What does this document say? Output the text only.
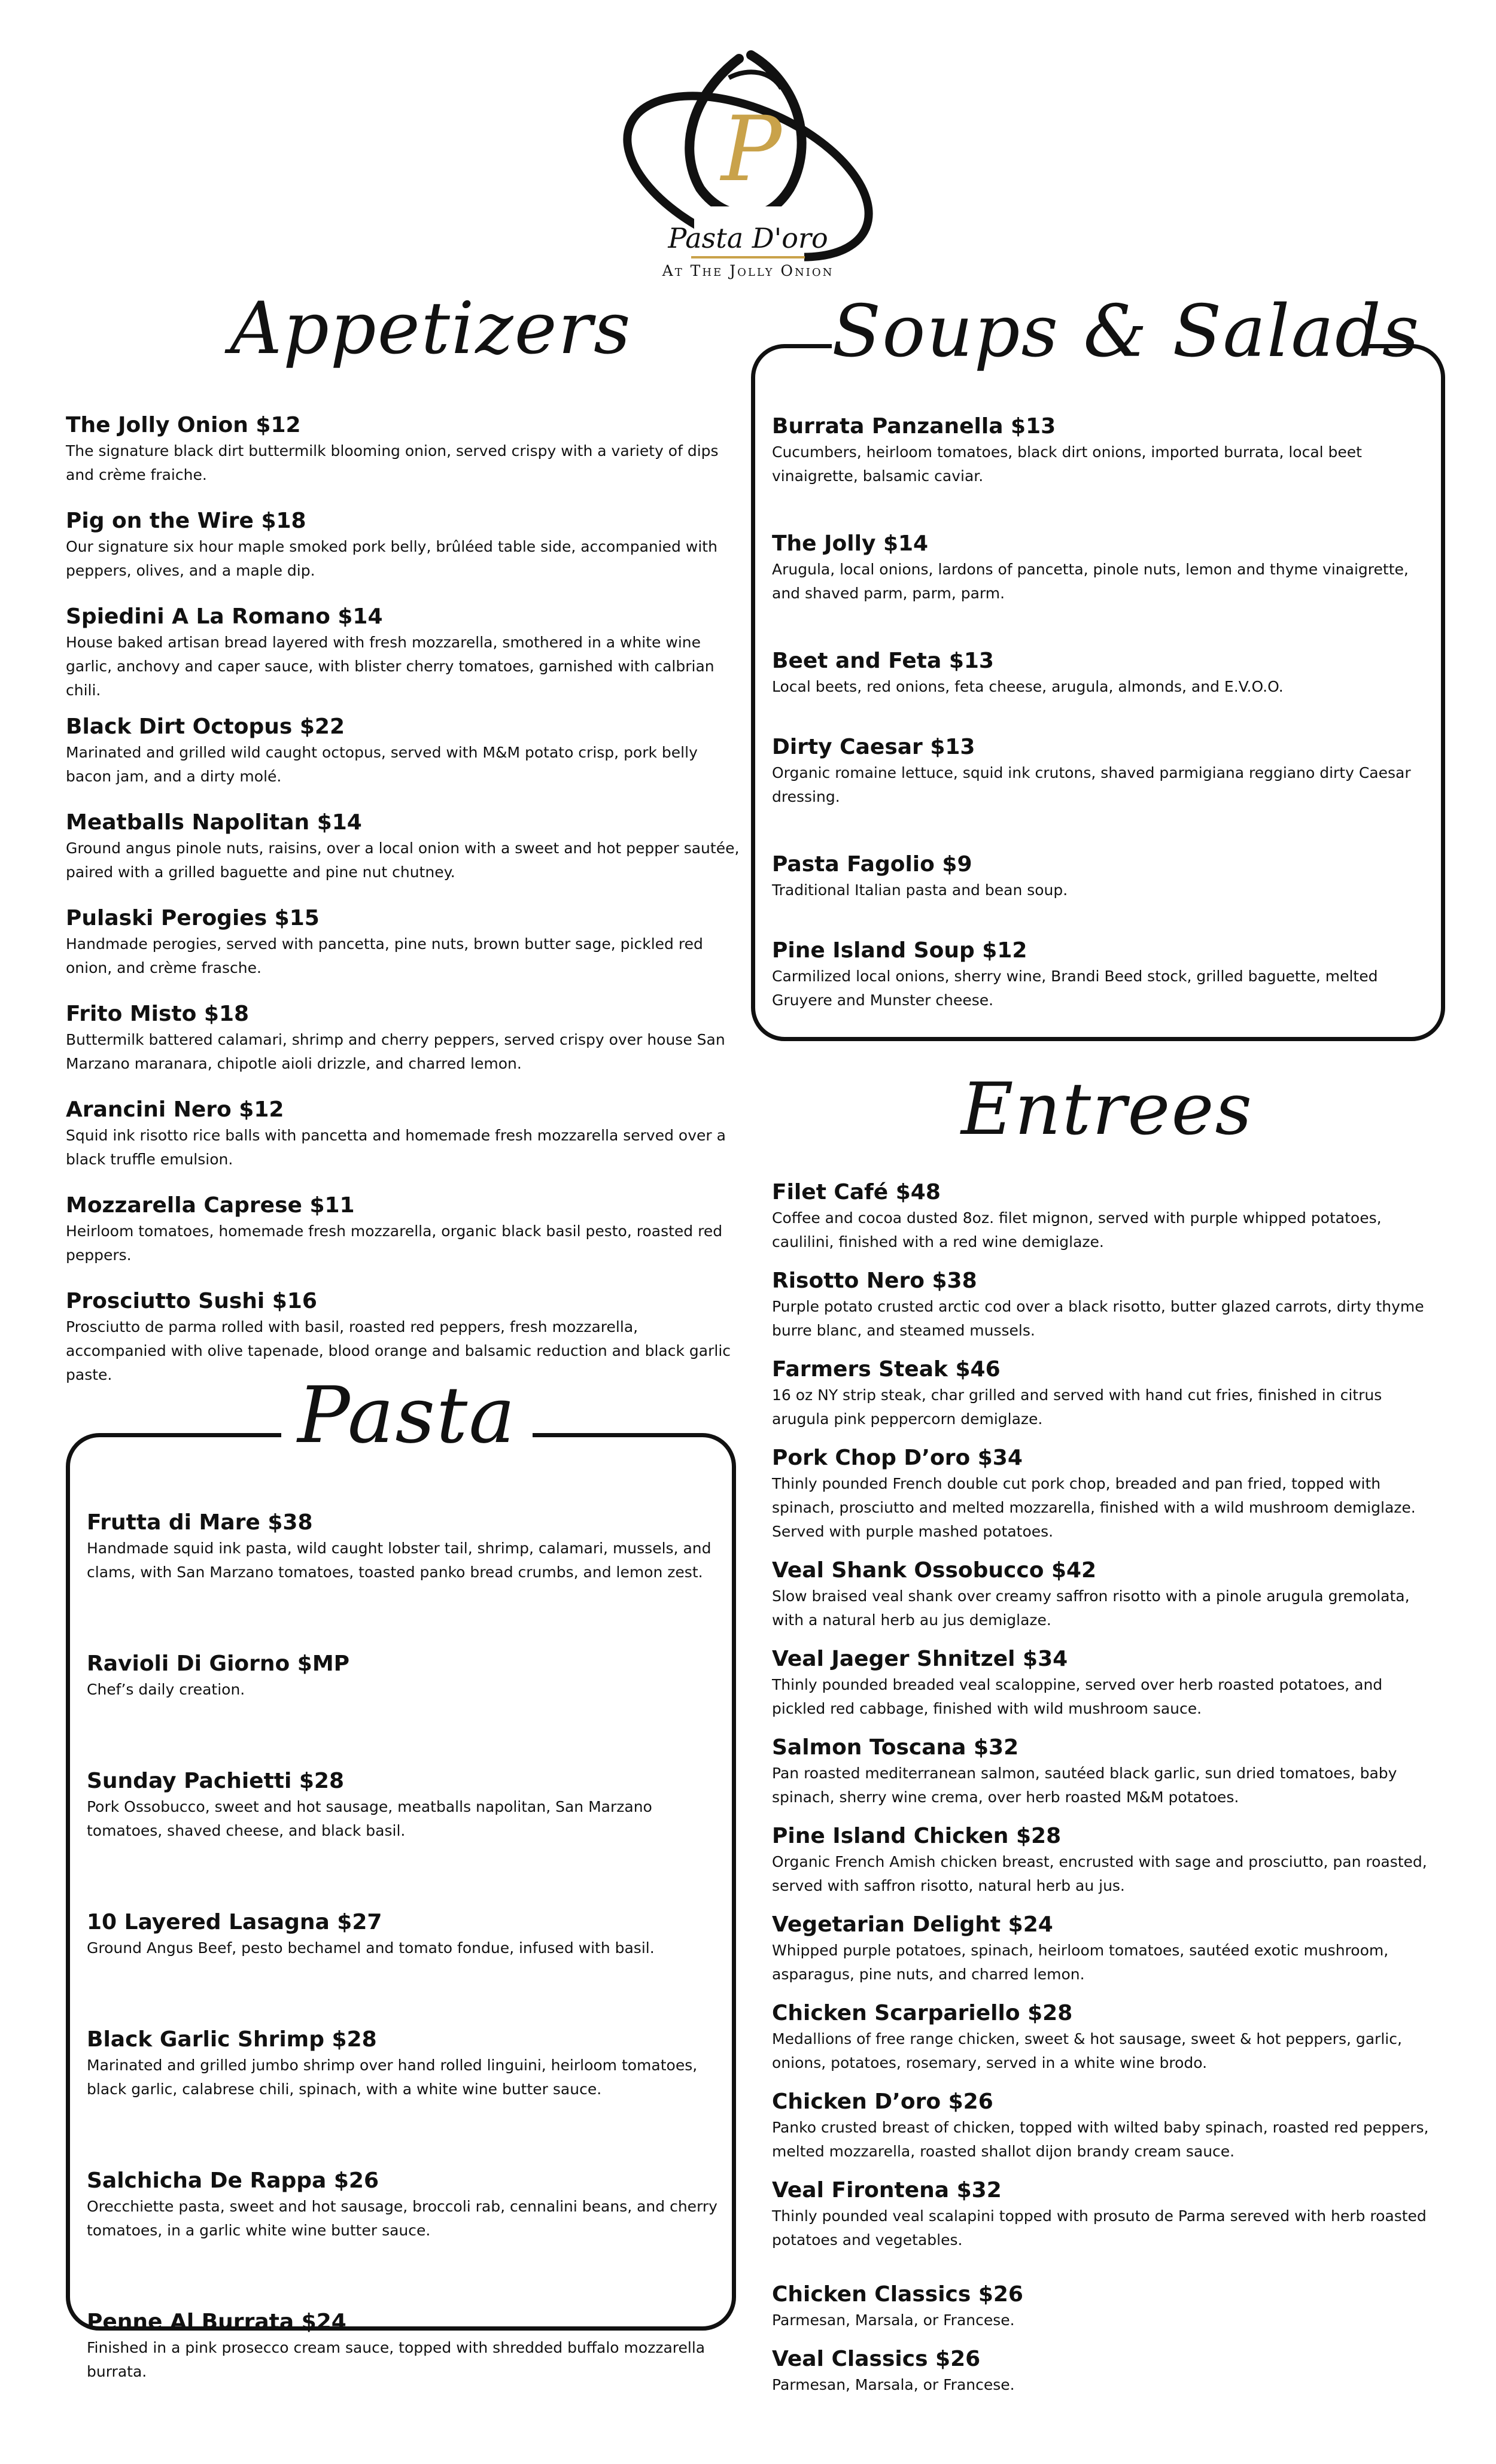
P
Pasta D'oro
At The Jolly Onion
Appetizers

The Jolly Onion $12

The signature black dirt buttermilk blooming onion, served crispy with a variety of dips and crème fraiche.

Pig on the Wire $18

Our signature six hour maple smoked pork belly, brûléed table side, accompanied with peppers, olives, and a maple dip.

Spiedini A La Romano $14

House baked artisan bread layered with fresh mozzarella, smothered in a white wine garlic, anchovy and caper sauce, with blister cherry tomatoes, garnished with calbrian chili.

Black Dirt Octopus $22

Marinated and grilled wild caught octopus, served with M&M potato crisp, pork belly bacon jam, and a dirty molé.

Meatballs Napolitan $14

Ground angus pinole nuts, raisins, over a local onion with a sweet and hot pepper sautée, paired with a grilled baguette and pine nut chutney.

Pulaski Perogies $15

Handmade perogies, served with pancetta, pine nuts, brown butter sage, pickled red onion, and crème frasche.

Frito Misto $18

Buttermilk battered calamari, shrimp and cherry peppers, served crispy over house San Marzano maranara, chipotle aioli drizzle, and charred lemon.

Arancini Nero $12

Squid ink risotto rice balls with pancetta and homemade fresh mozzarella served over a black truffle emulsion.

Mozzarella Caprese $11

Heirloom tomatoes, homemade fresh mozzarella, organic black basil pesto, roasted red peppers.

Prosciutto Sushi $16

Prosciutto de parma rolled with basil, roasted red peppers, fresh mozzarella, accompanied with olive tapenade, blood orange and balsamic reduction and black garlic paste.

Soups & Salads

Burrata Panzanella $13

Cucumbers, heirloom tomatoes, black dirt onions, imported burrata, local beet vinaigrette, balsamic caviar.

The Jolly $14

Arugula, local onions, lardons of pancetta, pinole nuts, lemon and thyme vinaigrette, and shaved parm, parm, parm.

Beet and Feta $13

Local beets, red onions, feta cheese, arugula, almonds, and E.V.O.O.

Dirty Caesar $13

Organic romaine lettuce, squid ink crutons, shaved parmigiana reggiano dirty Caesar dressing.

Pasta Fagolio $9

Traditional Italian pasta and bean soup.

Pine Island Soup $12

Carmilized local onions, sherry wine, Brandi Beed stock, grilled baguette, melted Gruyere and Munster cheese.

Entrees

Filet Café $48

Coffee and cocoa dusted 8oz. filet mignon, served with purple whipped potatoes, caulilini, finished with a red wine demiglaze.

Risotto Nero $38

Purple potato crusted arctic cod over a black risotto, butter glazed carrots, dirty thyme burre blanc, and steamed mussels.

Farmers Steak $46

16 oz NY strip steak, char grilled and served with hand cut fries, finished in citrus arugula pink peppercorn demiglaze.

Pork Chop D’oro $34

Thinly pounded French double cut pork chop, breaded and pan fried, topped with spinach, prosciutto and melted mozzarella, finished with a wild mushroom demiglaze. Served with purple mashed potatoes.

Veal Shank Ossobucco $42

Slow braised veal shank over creamy saffron risotto with a pinole arugula gremolata, with a natural herb au jus demiglaze.

Veal Jaeger Shnitzel $34

Thinly pounded breaded veal scaloppine, served over herb roasted potatoes, and pickled red cabbage, finished with wild mushroom sauce.

Salmon Toscana $32

Pan roasted mediterranean salmon, sautéed black garlic, sun dried tomatoes, baby spinach, sherry wine crema, over herb roasted M&M potatoes.

Pine Island Chicken $28

Organic French Amish chicken breast, encrusted with sage and prosciutto, pan roasted, served with saffron risotto, natural herb au jus.

Vegetarian Delight $24

Whipped purple potatoes, spinach, heirloom tomatoes, sautéed exotic mushroom, asparagus, pine nuts, and charred lemon.

Chicken Scarpariello $28

Medallions of free range chicken, sweet & hot sausage, sweet & hot peppers, garlic, onions, potatoes, rosemary, served in a white wine brodo.

Chicken D’oro $26

Panko crusted breast of chicken, topped with wilted baby spinach, roasted red peppers, melted mozzarella, roasted shallot dijon brandy cream sauce.

Veal Firontena $32

Thinly pounded veal scalapini topped with prosuto de Parma sereved with herb roasted potatoes and vegetables.

Chicken Classics $26

Parmesan, Marsala, or Francese.

Veal Classics $26

Parmesan, Marsala, or Francese.

Pasta

Frutta di Mare $38

Handmade squid ink pasta, wild caught lobster tail, shrimp, calamari, mussels, and clams, with San Marzano tomatoes, toasted panko bread crumbs, and lemon zest.

Ravioli Di Giorno $MP

Chef’s daily creation.

Sunday Pachietti $28

Pork Ossobucco, sweet and hot sausage, meatballs napolitan, San Marzano tomatoes, shaved cheese, and black basil.

10 Layered Lasagna $27

Ground Angus Beef, pesto bechamel and tomato fondue, infused with basil.

Black Garlic Shrimp $28

Marinated and grilled jumbo shrimp over hand rolled linguini, heirloom tomatoes, black garlic, calabrese chili, spinach, with a white wine butter sauce.

Salchicha De Rappa $26

Orecchiette pasta, sweet and hot sausage, broccoli rab, cennalini beans, and cherry tomatoes, in a garlic white wine butter sauce.

Penne Al Burrata $24

Finished in a pink prosecco cream sauce, topped with shredded buffalo mozzarella burrata.
